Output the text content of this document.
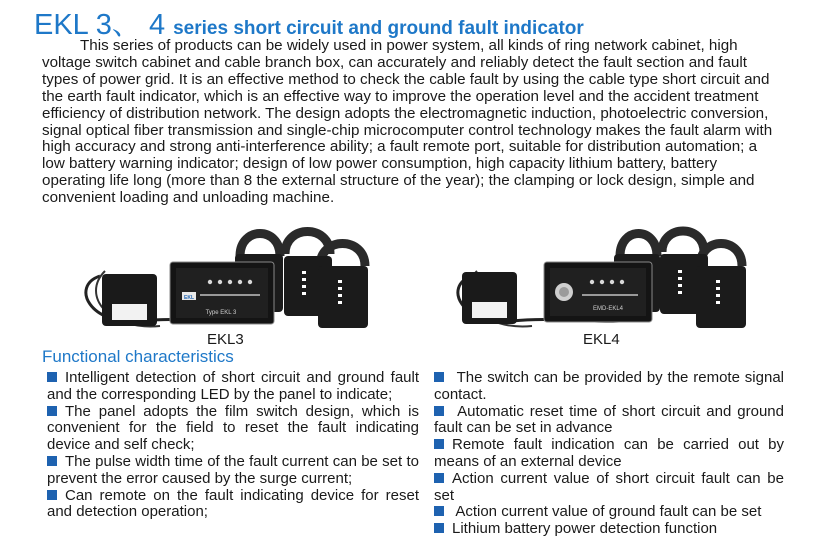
EKL 3、 4 series short circuit and ground fault indicator

This series of products can be widely used in power system, all kinds of ring network cabinet, high voltage switch cabinet and cable branch box, can accurately and reliably detect the fault section and fault types of power grid. It is an effective method to check the cable fault by using the cable type short circuit and the earth fault indicator, which is an effective way to improve the operation level and the accident treatment efficiency of distribution network. The design adopts the electromagnetic induction, photoelectric conversion, signal optical fiber transmission and single-chip microcomputer control technology makes the fault alarm with high accuracy and strong anti-interference ability; a fault remote port, suitable for distribution automation; a low battery warning indicator; design of low power consumption, high capacity lithium battery, battery operating life long (more than 8 the external structure of the year); the clamping or lock design, simple and convenient loading and unloading machine.

Type EKL 3
EKL
EKL3
EMD-EKL4
EKL4
Functional characteristics

Intelligent detection of short circuit and ground fault and the corresponding LED by the panel to indicate;

The panel adopts the film switch design, which is convenient for the field to reset the fault indicating device and self check;

The pulse width time of the fault current can be set to prevent the error caused by the surge current;

Can remote on the fault indicating device for reset and detection operation;

The switch can be provided by the remote signal contact.

Automatic reset time of short circuit and ground fault can be set in advance

Remote fault indication can be carried out by means of an external device

Action current value of short circuit fault can be set

Action current value of ground fault can be set

Lithium battery power detection function
